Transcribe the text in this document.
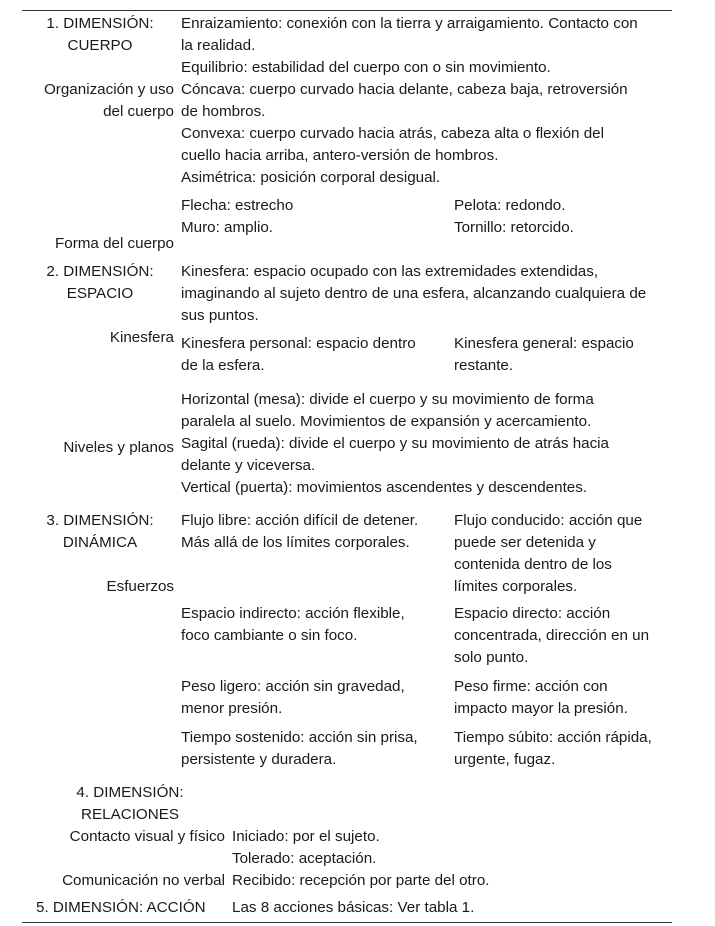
1. DIMENSIÓN:
CUERPO
Organización y uso
del cuerpo
Enraizamiento: conexión con la tierra y arraigamiento. Contacto con
la realidad.
Equilibrio: estabilidad del cuerpo con o sin movimiento.
Cóncava: cuerpo curvado hacia delante, cabeza baja, retroversión
de hombros.
Convexa: cuerpo curvado hacia atrás, cabeza alta o flexión del
cuello hacia arriba, antero-versión de hombros.
Asimétrica: posición corporal desigual.
Flecha: estrecho
Muro: amplio.
Pelota: redondo.
Tornillo: retorcido.
Forma del cuerpo
2. DIMENSIÓN:
ESPACIO
Kinesfera: espacio ocupado con las extremidades extendidas,
imaginando al sujeto dentro de una esfera, alcanzando cualquiera de
sus puntos.
Kinesfera Kinesfera personal: espacio dentro
de la esfera.
Kinesfera general: espacio
restante.
Horizontal (mesa): divide el cuerpo y su movimiento de forma
paralela al suelo. Movimientos de expansión y acercamiento.
Sagital (rueda): divide el cuerpo y su movimiento de atrás hacia
delante y viceversa.
Vertical (puerta): movimientos ascendentes y descendentes.
Niveles y planos
3. DIMENSIÓN:
DINÁMICA
Esfuerzos
Flujo libre: acción difícil de detener.
Más allá de los límites corporales.
Flujo conducido: acción que
puede ser detenida y
contenida dentro de los
límites corporales.
Espacio indirecto: acción flexible,
foco cambiante o sin foco.
Espacio directo: acción
concentrada, dirección en un
solo punto.
Peso ligero: acción sin gravedad,
menor presión.
Peso firme: acción con
impacto mayor la presión.
Tiempo sostenido: acción sin prisa,
persistente y duradera.
Tiempo súbito: acción rápida,
urgente, fugaz.
4. DIMENSIÓN:
RELACIONES
Contacto visual y físico
Comunicación no verbal
Iniciado: por el sujeto.
Tolerado: aceptación.
Recibido: recepción por parte del otro.
5. DIMENSIÓN: ACCIÓN Las 8 acciones básicas: Ver tabla 1.
